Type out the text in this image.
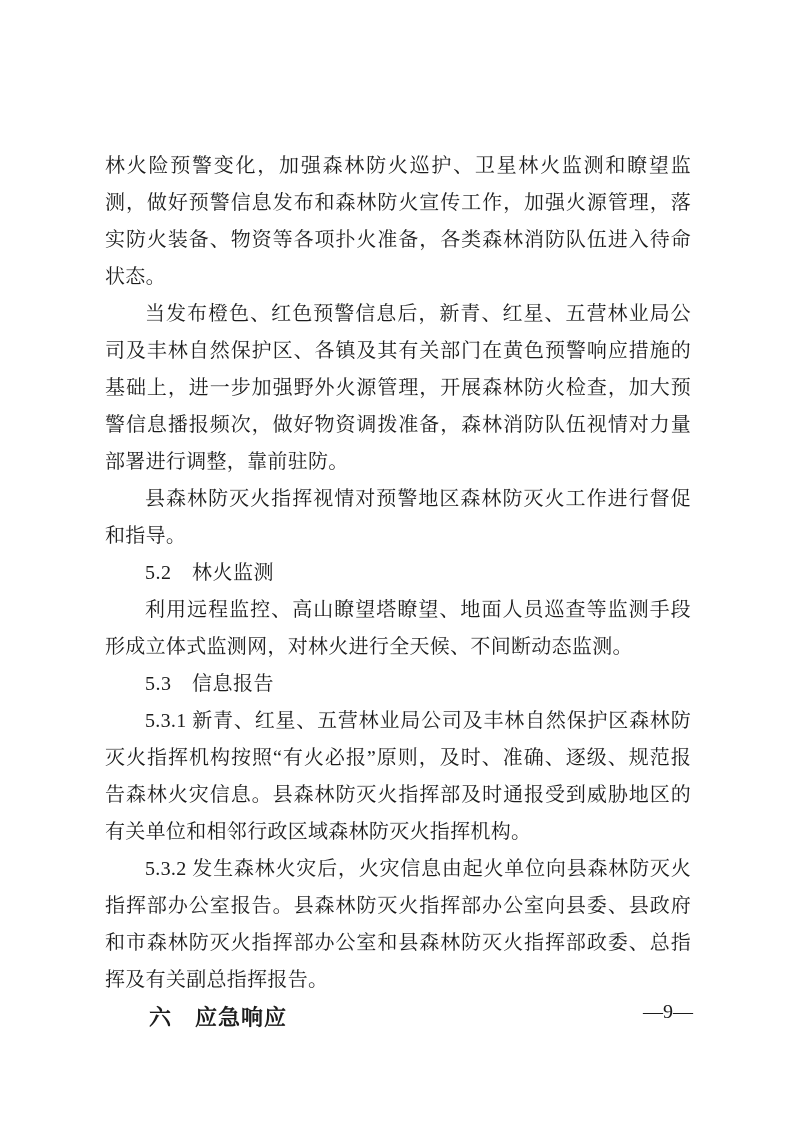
林火险预警变化，加强森林防火巡护、卫星林火监测和瞭望监测，做好预警信息发布和森林防火宣传工作，加强火源管理，落实防火装备、物资等各项扑火准备，各类森林消防队伍进入待命状态。

当发布橙色、红色预警信息后，新青、红星、五营林业局公司及丰林自然保护区、各镇及其有关部门在黄色预警响应措施的基础上，进一步加强野外火源管理，开展森林防火检查，加大预警信息播报频次，做好物资调拨准备，森林消防队伍视情对力量部署进行调整，靠前驻防。

县森林防灭火指挥视情对预警地区森林防灭火工作进行督促和指导。

5.2　林火监测

利用远程监控、高山瞭望塔瞭望、地面人员巡查等监测手段形成立体式监测网，对林火进行全天候、不间断动态监测。

5.3　信息报告

5.3.1 新青、红星、五营林业局公司及丰林自然保护区森林防灭火指挥机构按照“有火必报”原则，及时、准确、逐级、规范报告森林火灾信息。县森林防灭火指挥部及时通报受到威胁地区的有关单位和相邻行政区域森林防灭火指挥机构。

5.3.2 发生森林火灾后，火灾信息由起火单位向县森林防灭火指挥部办公室报告。县森林防灭火指挥部办公室向县委、县政府和市森林防灭火指挥部办公室和县森林防灭火指挥部政委、总指挥及有关副总指挥报告。

六　应急响应	—9—
